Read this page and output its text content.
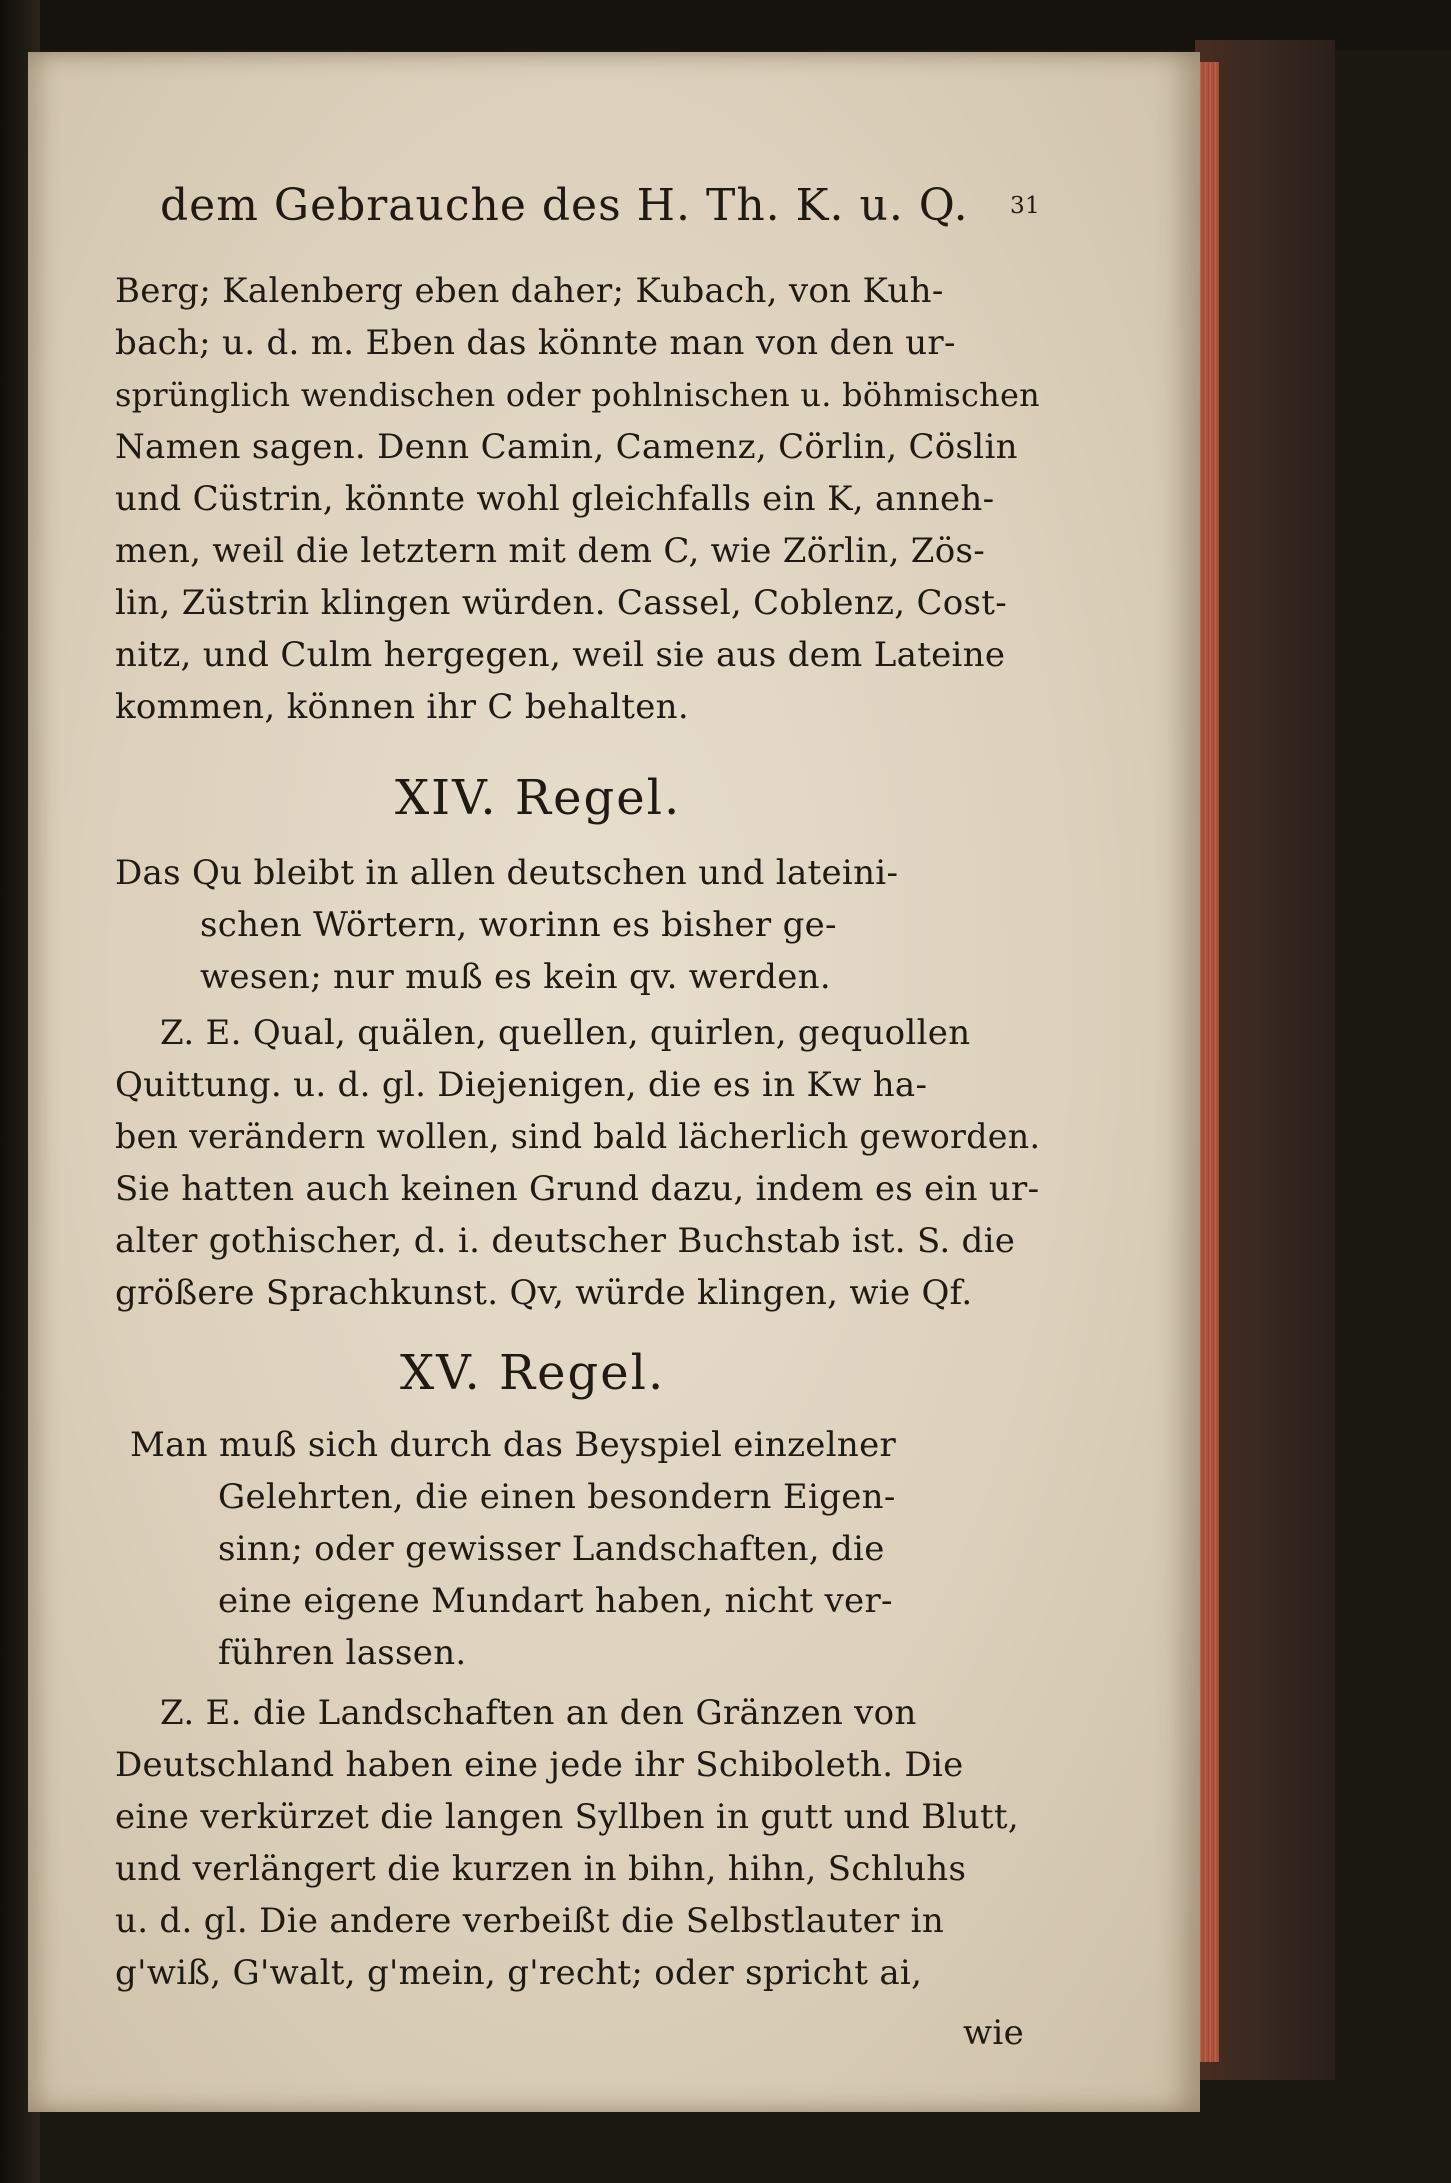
dem Gebrauche des H. Th. K. u. Q. 31
Berg; Kalenberg eben daher; Kubach, von Kuh-
bach; u. d. m. Eben das könnte man von den ur-
sprünglich wendischen oder pohlnischen u. böhmischen
Namen sagen. Denn Camin, Camenz, Cörlin, Cöslin
und Cüstrin, könnte wohl gleichfalls ein K, anneh-
men, weil die letztern mit dem C, wie Zörlin, Zös-
lin, Züstrin klingen würden. Cassel, Coblenz, Cost-
nitz, und Culm hergegen, weil sie aus dem Lateine
kommen, können ihr C behalten.
XIV. Regel.
Das Qu bleibt in allen deutschen und lateini-
schen Wörtern, worinn es bisher ge-
wesen; nur muß es kein qv. werden.
Z. E. Qual, quälen, quellen, quirlen, gequollen
Quittung. u. d. gl. Diejenigen, die es in Kw ha-
ben verändern wollen, sind bald lächerlich geworden.
Sie hatten auch keinen Grund dazu, indem es ein ur-
alter gothischer, d. i. deutscher Buchstab ist. S. die
größere Sprachkunst. Qv, würde klingen, wie Qf.
XV. Regel.
Man muß sich durch das Beyspiel einzelner
Gelehrten, die einen besondern Eigen-
sinn; oder gewisser Landschaften, die
eine eigene Mundart haben, nicht ver-
führen lassen.
Z. E. die Landschaften an den Gränzen von
Deutschland haben eine jede ihr Schiboleth. Die
eine verkürzet die langen Syllben in gutt und Blutt,
und verlängert die kurzen in bihn, hihn, Schluhs
u. d. gl. Die andere verbeißt die Selbstlauter in
g'wiß, G'walt, g'mein, g'recht; oder spricht ai,
wie
